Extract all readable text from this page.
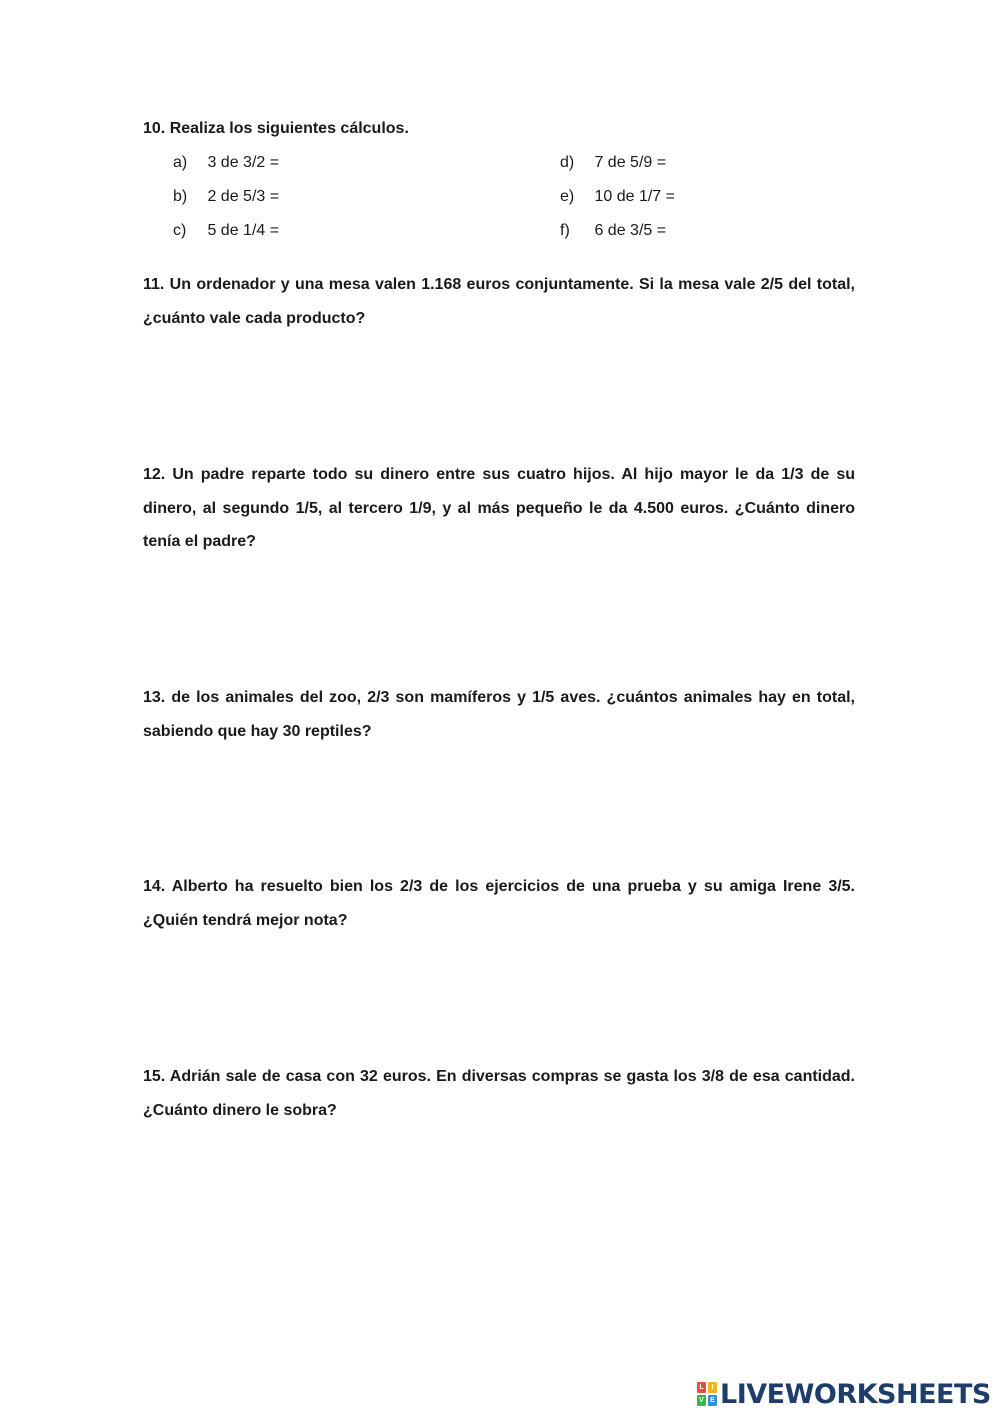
10. Realiza los siguientes cálculos.
a) 3 de 3/2 =
b) 2 de 5/3 =
c) 5 de 1/4 =
d) 7 de 5/9 =
e) 10 de 1/7 =
f) 6 de 3/5 =

11. Un ordenador y una mesa valen 1.168 euros conjuntamente. Si la mesa vale 2/5 del total, ¿cuánto vale cada producto?

12. Un padre reparte todo su dinero entre sus cuatro hijos. Al hijo mayor le da 1/3 de su dinero, al segundo 1/5, al tercero 1/9, y al más pequeño le da 4.500 euros. ¿Cuánto dinero tenía el padre?

13. de los animales del zoo, 2/3 son mamíferos y 1/5 aves. ¿cuántos animales hay en total, sabiendo que hay 30 reptiles?

14. Alberto ha resuelto bien los 2/3 de los ejercicios de una prueba y su amiga Irene 3/5. ¿Quién tendrá mejor nota?

15. Adrián sale de casa con 32 euros. En diversas compras se gasta los 3/8 de esa cantidad. ¿Cuánto dinero le sobra?

L	I
V E LIVEWORKSHEETS
